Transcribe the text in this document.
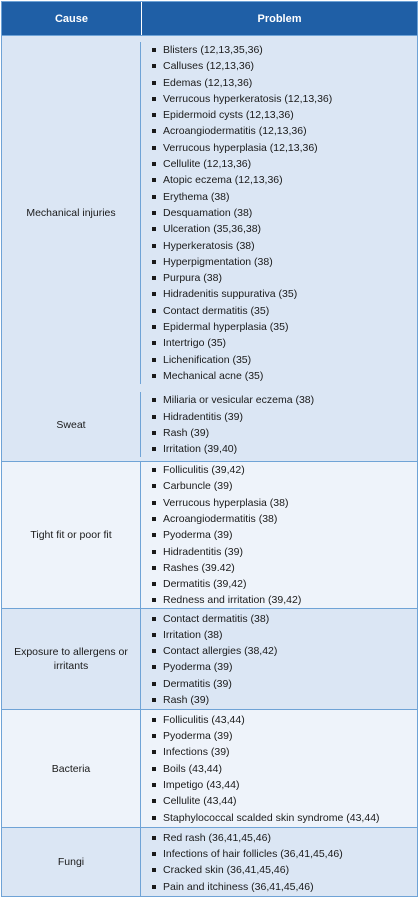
Cause	Problem
Mechanical injuries
Blisters (12,13,35,36)
Calluses (12,13,36)
Edemas (12,13,36)
Verrucous hyperkeratosis (12,13,36)
Epidermoid cysts (12,13,36)
Acroangiodermatitis (12,13,36)
Verrucous hyperplasia (12,13,36)
Cellulite (12,13,36)
Atopic eczema (12,13,36)
Erythema (38)
Desquamation (38)
Ulceration (35,36,38)
Hyperkeratosis (38)
Hyperpigmentation (38)
Purpura (38)
Hidradenitis suppurativa (35)
Contact dermatitis (35)
Epidermal hyperplasia (35)
Intertrigo (35)
Lichenification (35)
Mechanical acne (35)
Sweat
Miliaria or vesicular eczema (38)
Hidradentitis (39)
Rash (39)
Irritation (39,40)
Tight fit or poor fit
Folliculitis (39,42)
Carbuncle (39)
Verrucous hyperplasia (38)
Acroangiodermatitis (38)
Pyoderma (39)
Hidradentitis (39)
Rashes (39.42)
Dermatitis (39,42)
Redness and irritation (39,42)
Exposure to allergens or irritants
Contact dermatitis (38)
Irritation (38)
Contact allergies (38,42)
Pyoderma (39)
Dermatitis (39)
Rash (39)
Bacteria
Folliculitis (43,44)
Pyoderma (39)
Infections (39)
Boils (43,44)
Impetigo (43,44)
Cellulite (43,44)
Staphylococcal scalded skin syndrome (43,44)
Fungi
Red rash (36,41,45,46)
Infections of hair follicles (36,41,45,46)
Cracked skin (36,41,45,46)
Pain and itchiness (36,41,45,46)
